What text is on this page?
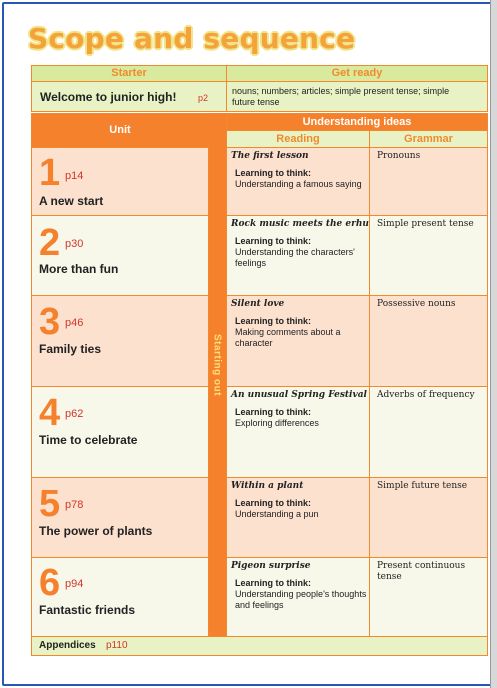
Scope and sequence
Starter	Get ready
Welcome to junior high! p2
nouns; numbers; articles; simple present tense; simple future tense
Unit
Understanding ideas
Reading	Grammar
Starting out
1 p14
A new start
The first lesson
Learning to think:
Understanding a famous saying
Pronouns
2 p30
More than fun
Rock music meets the erhu
Learning to think:
Understanding the characters' feelings
Simple present tense
3 p46
Family ties
Silent love
Learning to think:
Making comments about a character
Possessive nouns
4 p62
Time to celebrate
An unusual Spring Festival
Learning to think:
Exploring differences
Adverbs of frequency
5 p78
The power of plants
Within a plant
Learning to think:
Understanding a pun
Simple future tense
6 p94
Fantastic friends
Pigeon surprise
Learning to think:
Understanding people's thoughts and feelings
Present continuous tense
Appendices p110
